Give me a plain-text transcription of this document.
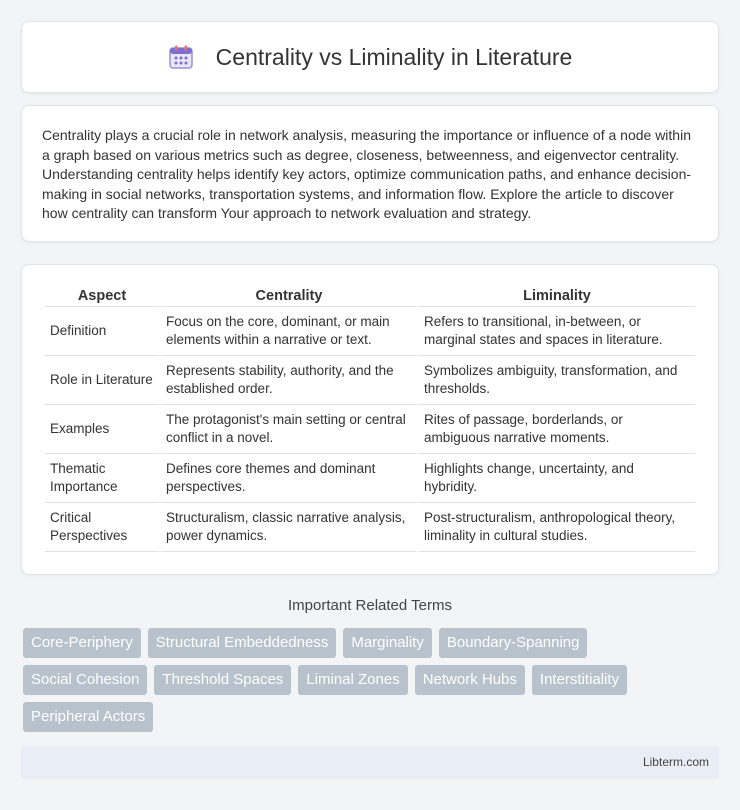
Centrality vs Liminality in Literature

Centrality plays a crucial role in network analysis, measuring the importance or influence of a node within a graph based on various metrics such as degree, closeness, betweenness, and eigenvector centrality. Understanding centrality helps identify key actors, optimize communication paths, and enhance decision-making in social networks, transportation systems, and information flow. Explore the article to discover how centrality can transform Your approach to network evaluation and strategy.

Aspect	Centrality	Liminality
Definition	Focus on the core, dominant, or main elements within a narrative or text.	Refers to transitional, in-between, or marginal states and spaces in literature.
Role in Literature	Represents stability, authority, and the established order.	Symbolizes ambiguity, transformation, and thresholds.
Examples	The protagonist's main setting or central conflict in a novel.	Rites of passage, borderlands, or ambiguous narrative moments.
Thematic Importance	Defines core themes and dominant perspectives.	Highlights change, uncertainty, and hybridity.
Critical Perspectives	Structuralism, classic narrative analysis, power dynamics.	Post-structuralism, anthropological theory, liminality in cultural studies.
Important Related Terms
Core-Periphery	Structural Embeddedness	Marginality	Boundary-Spanning
Social Cohesion	Threshold Spaces	Liminal Zones	Network Hubs	Interstitiality
Peripheral Actors
Libterm.com
